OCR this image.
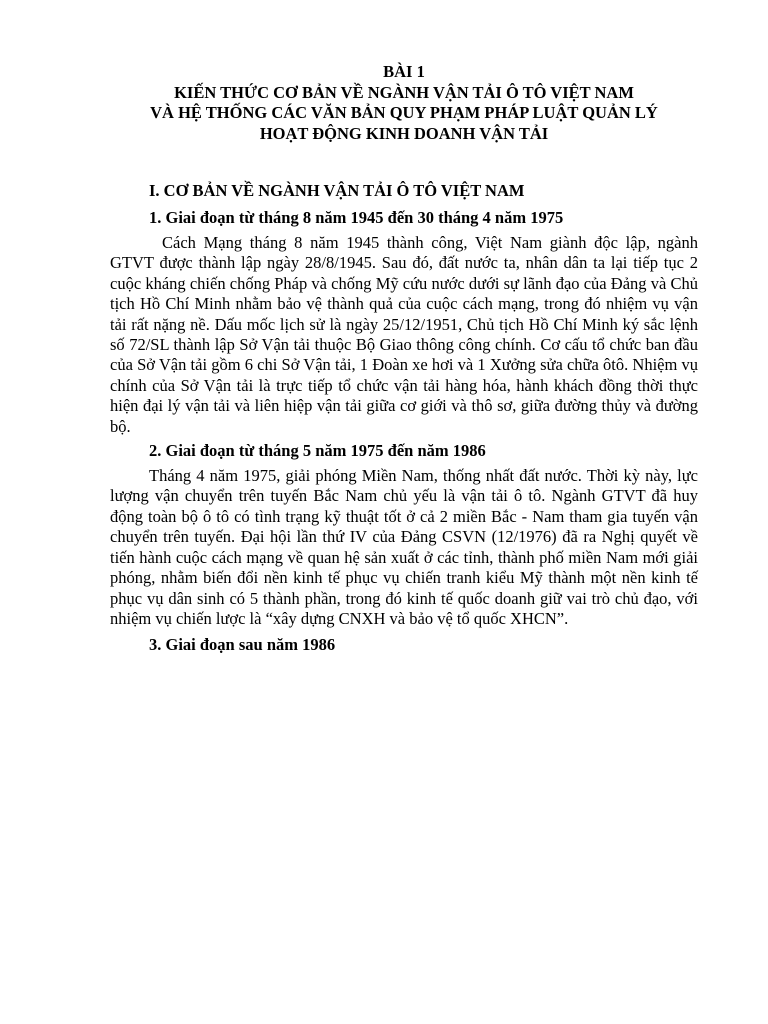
BÀI 1
KIẾN THỨC CƠ BẢN VỀ NGÀNH VẬN TẢI Ô TÔ VIỆT NAM
VÀ HỆ THỐNG CÁC VĂN BẢN QUY PHẠM PHÁP LUẬT QUẢN LÝ
HOẠT ĐỘNG KINH DOANH VẬN TẢI
I. CƠ BẢN VỀ NGÀNH VẬN TẢI Ô TÔ VIỆT NAM
1. Giai đoạn từ tháng 8 năm 1945 đến 30 tháng 4 năm 1975
Cách Mạng tháng 8 năm 1945 thành công, Việt Nam giành độc lập, ngành GTVT được thành lập ngày 28/8/1945. Sau đó, đất nước ta, nhân dân ta lại tiếp tục 2 cuộc kháng chiến chống Pháp và chống Mỹ cứu nước dưới sự lãnh đạo của Đảng và Chủ tịch Hồ Chí Minh nhằm bảo vệ thành quả của cuộc cách mạng, trong đó nhiệm vụ vận tải rất nặng nề. Dấu mốc lịch sử là ngày 25/12/1951, Chủ tịch Hồ Chí Minh ký sắc lệnh số 72/SL thành lập Sở Vận tải thuộc Bộ Giao thông công chính. Cơ cấu tổ chức ban đầu của Sở Vận tải gồm 6 chi Sở Vận tải, 1 Đoàn xe hơi và 1 Xưởng sửa chữa ôtô. Nhiệm vụ chính của Sở Vận tải là trực tiếp tổ chức vận tải hàng hóa, hành khách đồng thời thực hiện đại lý vận tải và liên hiệp vận tải giữa cơ giới và thô sơ, giữa đường thủy và đường bộ.
2. Giai đoạn từ tháng 5 năm 1975 đến năm 1986
Tháng 4 năm 1975, giải phóng Miền Nam, thống nhất đất nước. Thời kỳ này, lực lượng vận chuyển trên tuyến Bắc Nam chủ yếu là vận tải ô tô. Ngành GTVT đã huy động toàn bộ ô tô có tình trạng kỹ thuật tốt ở cả 2 miền Bắc - Nam tham gia tuyến vận chuyển trên tuyến. Đại hội lần thứ IV của Đảng CSVN (12/1976) đã ra Nghị quyết về tiến hành cuộc cách mạng về quan hệ sản xuất ở các tỉnh, thành phố miền Nam mới giải phóng, nhằm biến đổi nền kinh tế phục vụ chiến tranh kiểu Mỹ thành một nền kinh tế phục vụ dân sinh có 5 thành phần, trong đó kinh tế quốc doanh giữ vai trò chủ đạo, với nhiệm vụ chiến lược là “xây dựng CNXH và bảo vệ tổ quốc XHCN”.
3. Giai đoạn sau năm 1986
